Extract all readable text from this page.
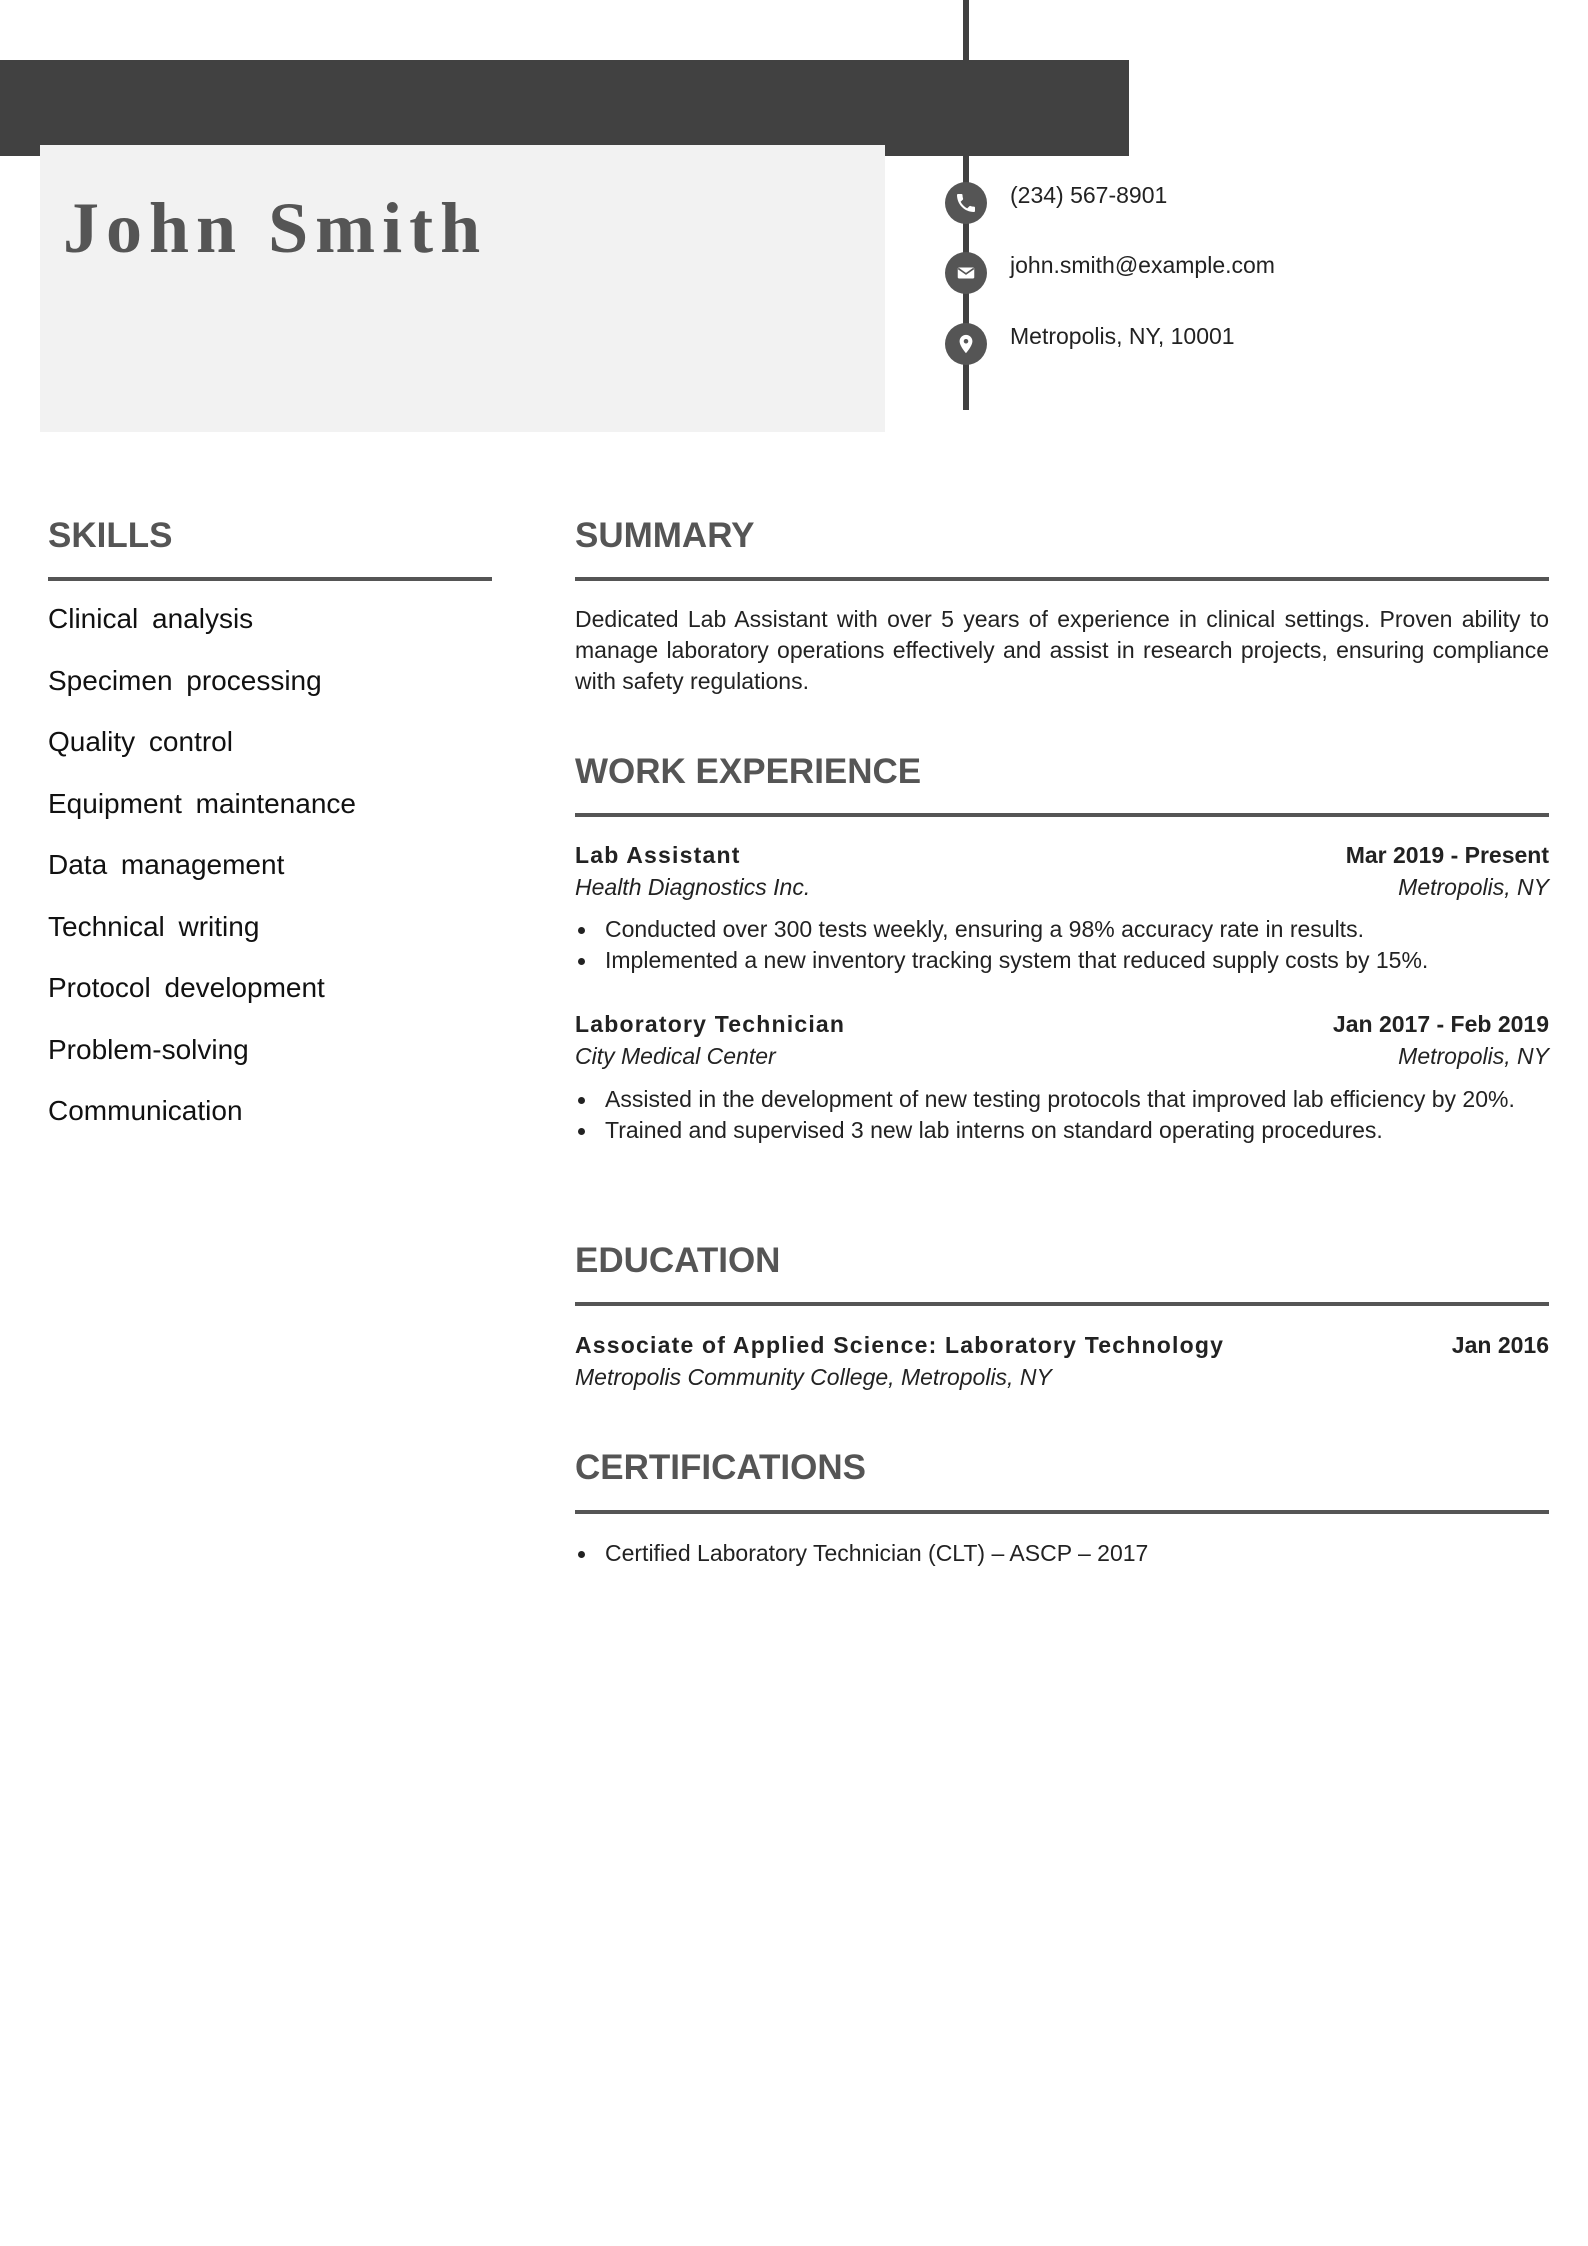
John Smith	(234) 567-8901
john.smith@example.com
Metropolis, NY, 10001
SKILLS
Clinical analysis
Specimen processing
Quality control
Equipment maintenance
Data management
Technical writing
Protocol development
Problem-solving
Communication
SUMMARY

Dedicated Lab Assistant with over 5 years of experience in clinical settings. Proven ability to manage laboratory operations effectively and assist in research projects, ensuring compliance with safety regulations.

WORK EXPERIENCE
Lab Assistant	Mar 2019 - Present
Health Diagnostics Inc.	Metropolis, NY
Conducted over 300 tests weekly, ensuring a 98% accuracy rate in results.
Implemented a new inventory tracking system that reduced supply costs by 15%.
Laboratory Technician	Jan 2017 - Feb 2019
City Medical Center	Metropolis, NY
Assisted in the development of new testing protocols that improved lab efficiency by 20%.
Trained and supervised 3 new lab interns on standard operating procedures.
EDUCATION
Associate of Applied Science: Laboratory Technology	Jan 2016
Metropolis Community College, Metropolis, NY
CERTIFICATIONS
Certified Laboratory Technician (CLT) – ASCP – 2017
